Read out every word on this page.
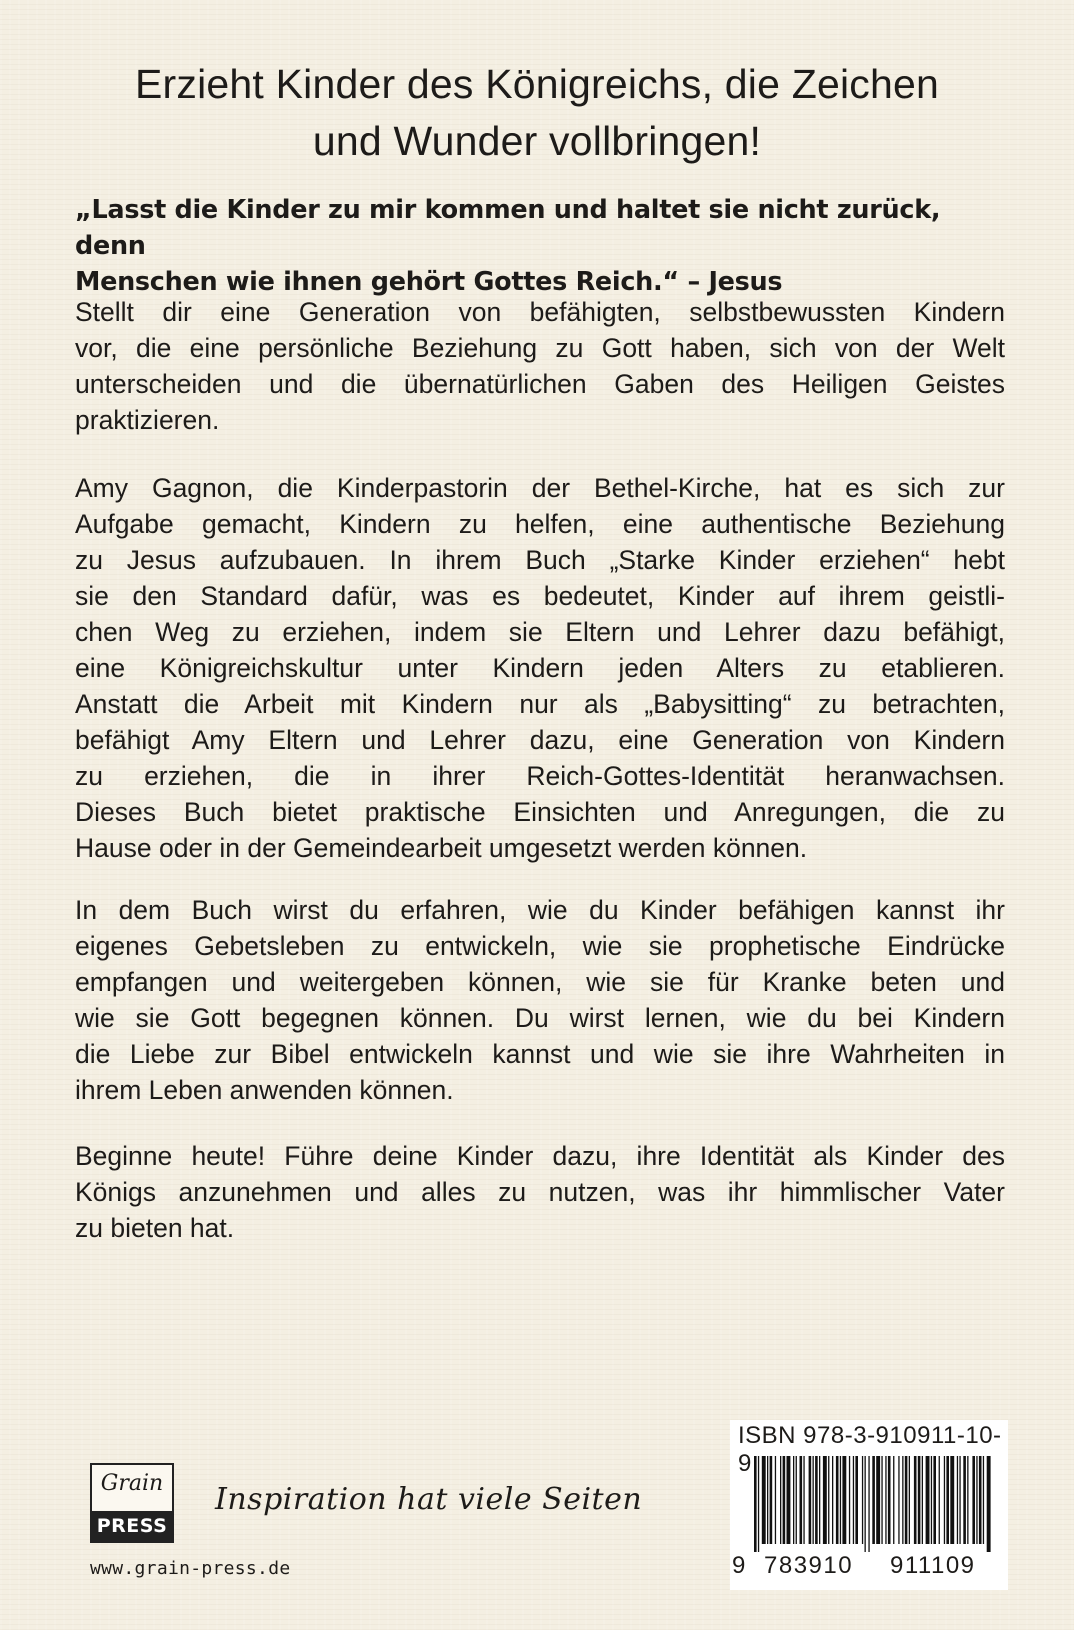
Erzieht Kinder des Königreichs, die Zeichen
und Wunder vollbringen!

„Lasst die Kinder zu mir kommen und haltet sie nicht zurück, denn
Menschen wie ihnen gehört Gottes Reich.“ – Jesus

Stellt dir eine Generation von befähigten, selbstbewussten Kindern
vor, die eine persönliche Beziehung zu Gott haben, sich von der Welt
unterscheiden und die übernatürlichen Gaben des Heiligen Geistes
praktizieren.
Amy Gagnon, die Kinderpastorin der Bethel-Kirche, hat es sich zur
Aufgabe gemacht, Kindern zu helfen, eine authentische Beziehung
zu Jesus aufzubauen. In ihrem Buch „Starke Kinder erziehen“ hebt
sie den Standard dafür, was es bedeutet, Kinder auf ihrem geistli-
chen Weg zu erziehen, indem sie Eltern und Lehrer dazu befähigt,
eine Königreichskultur unter Kindern jeden Alters zu etablieren.
Anstatt die Arbeit mit Kindern nur als „Babysitting“ zu betrachten,
befähigt Amy Eltern und Lehrer dazu, eine Generation von Kindern
zu erziehen, die in ihrer Reich-Gottes-Identität heranwachsen.
Dieses Buch bietet praktische Einsichten und Anregungen, die zu
Hause oder in der Gemeindearbeit umgesetzt werden können.
In dem Buch wirst du erfahren, wie du Kinder befähigen kannst ihr
eigenes Gebetsleben zu entwickeln, wie sie prophetische Eindrücke
empfangen und weitergeben können, wie sie für Kranke beten und
wie sie Gott begegnen können. Du wirst lernen, wie du bei Kindern
die Liebe zur Bibel entwickeln kannst und wie sie ihre Wahrheiten in
ihrem Leben anwenden können.
Beginne heute! Führe deine Kinder dazu, ihre Identität als Kinder des
Königs anzunehmen und alles zu nutzen, was ihr himmlischer Vater
zu bieten hat.
Grain
PRESS
Inspiration hat viele Seiten
www.grain-press.de
ISBN 978-3-910911-10-9
9 783910 911109
